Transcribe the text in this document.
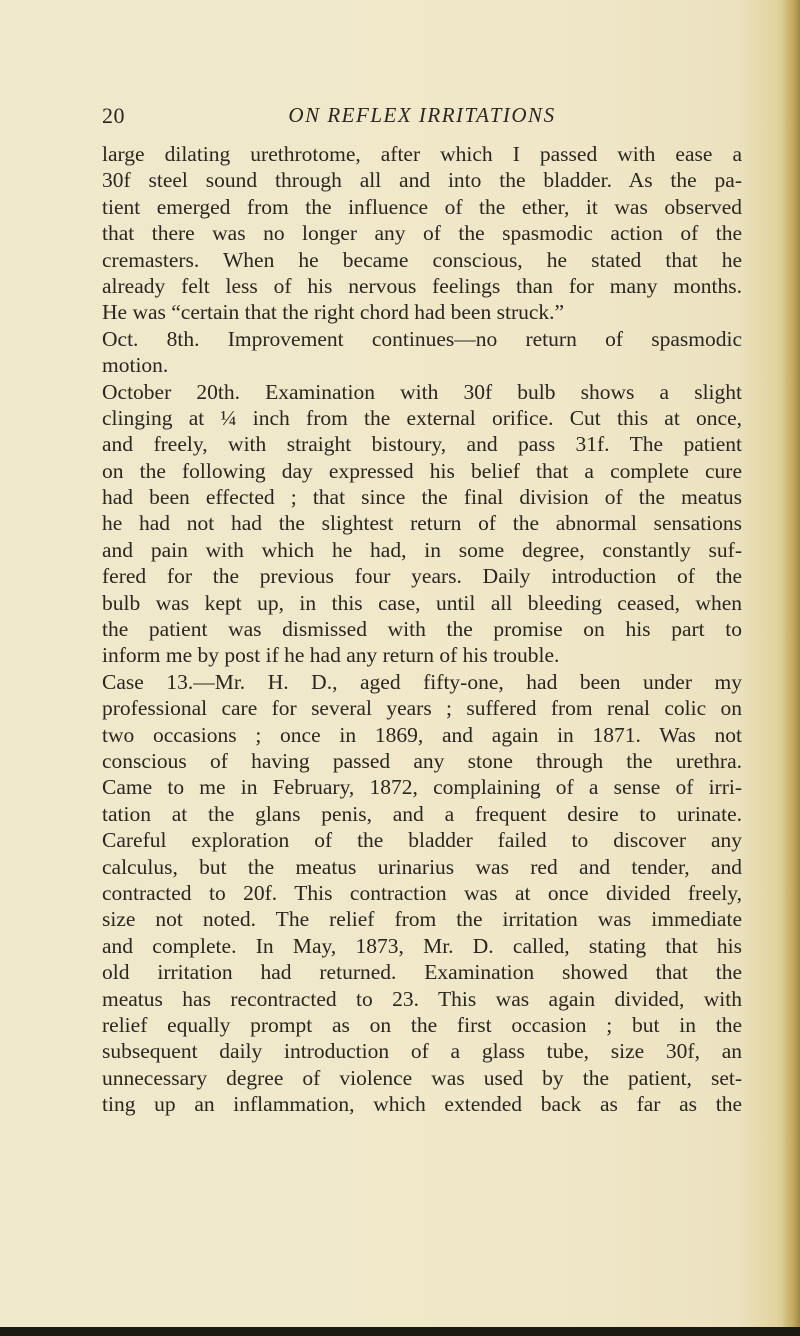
20	ON REFLEX IRRITATIONS
large dilating urethrotome, after which I passed with ease a
30f steel sound through all and into the bladder. As the pa-
tient emerged from the influence of the ether, it was observed
that there was no longer any of the spasmodic action of the
cremasters. When he became conscious, he stated that he
already felt less of his nervous feelings than for many months.
He was “certain that the right chord had been struck.”
Oct. 8th. Improvement continues—no return of spasmodic
motion.
October 20th. Examination with 30f bulb shows a slight
clinging at ¼ inch from the external orifice. Cut this at once,
and freely, with straight bistoury, and pass 31f. The patient
on the following day expressed his belief that a complete cure
had been effected ; that since the final division of the meatus
he had not had the slightest return of the abnormal sensations
and pain with which he had, in some degree, constantly suf-
fered for the previous four years. Daily introduction of the
bulb was kept up, in this case, until all bleeding ceased, when
the patient was dismissed with the promise on his part to
inform me by post if he had any return of his trouble.
Case 13.—Mr. H. D., aged fifty-one, had been under my
professional care for several years ; suffered from renal colic on
two occasions ; once in 1869, and again in 1871. Was not
conscious of having passed any stone through the urethra.
Came to me in February, 1872, complaining of a sense of irri-
tation at the glans penis, and a frequent desire to urinate.
Careful exploration of the bladder failed to discover any
calculus, but the meatus urinarius was red and tender, and
contracted to 20f. This contraction was at once divided freely,
size not noted. The relief from the irritation was immediate
and complete. In May, 1873, Mr. D. called, stating that his
old irritation had returned. Examination showed that the
meatus has recontracted to 23. This was again divided, with
relief equally prompt as on the first occasion ; but in the
subsequent daily introduction of a glass tube, size 30f, an
unnecessary degree of violence was used by the patient, set-
ting up an inflammation, which extended back as far as the
